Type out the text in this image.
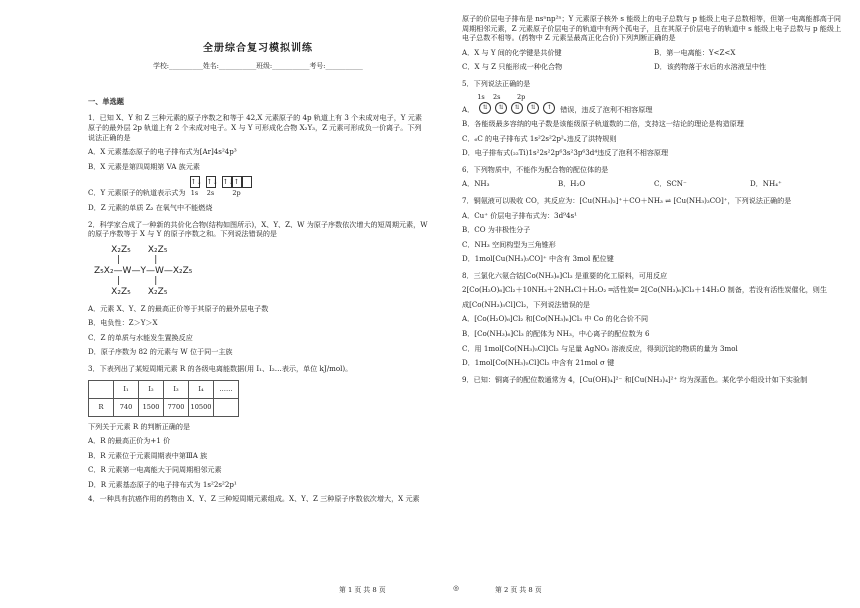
全册综合复习模拟训练
学校:__________姓名:___________班级:___________考号:___________
一、单选题

1．已知 X、Y 和 Z 三种元素的原子序数之和等于 42,X 元素原子的 4p 轨道上有 3 个未成对电子，Y 元素原子的最外层 2p 轨道上有 2 个未成对电子。X 与 Y 可形成化合物 X₂Y₃，Z 元素可形成负一价离子。下列说法正确的是

A．X 元素基态原子的电子排布式为[Ar]4s²4p³

B．X 元素是第四周期第 VA 族元素

C．Y 元素原子的轨道表示式为
↑↓
1s
↑↓
2s
↑↓ ↑

2p

D．Z 元素的单质 Z₂ 在氧气中不能燃烧

2．科学家合成了一种新的共价化合物(结构如图所示)，X、Y、Z、W 为原子序数依次增大的短周期元素，W 的原子序数等于 X 与 Y 的原子序数之和。下列说法错误的是

X₂Z₅      X₂Z₅
|            |
Z₅X₂—W—Y—W—X₂Z₅
|            |
X₂Z₅      X₂Z₅

A．元素 X、Y、Z 的最高正价等于其原子的最外层电子数

B．电负性：Z＞Y＞X

C．Z 的单质与水能发生置换反应

D．原子序数为 82 的元素与 W 位于同一主族

3．下表列出了某短周期元素 R 的各级电离能数据(用 I₁、I₂…表示，单位 kJ/mol)。

	I₁	I₂	I₃	I₄	……
R	740	1500	7700	10500	

下列关于元素 R 的判断正确的是

A．R 的最高正价为+1 价

B．R 元素位于元素周期表中第ⅢA 族

C．R 元素第一电离能大于同周期相邻元素

D．R 元素基态原子的电子排布式为 1s²2s²2p¹

4．一种具有抗癌作用的药物由 X、Y、Z 三种短周期元素组成。X、Y、Z 三种原子序数依次增大，X 元素

原子的价层电子排布是 nsⁿnp²ⁿ；Y 元素原子核外 s 能级上的电子总数与 p 能级上电子总数相等，但第一电离能都高于同周期相邻元素，Z 元素原子价层电子的轨道中有两个孤电子，且在其原子价层电子的轨道中 s 能级上电子总数与 p 能级上电子总数不相等。(药物中 Z 元素呈最高正化合价)下列判断正确的是

A．X 与 Y 间的化学键是共价键	B．第一电离能：Y<Z<X
C．X 与 Z 只能形成一种化合物	D．该药物落于水后的水溶液呈中性

5．下列说法正确的是

A．
1s    2s        2p
⇅ ⇅ ⇅ ⇅ ↑	错误，违反了泡利不相容原理

B．各能级最多容纳的电子数是该能级原子轨道数的二倍，支持这一结论的理论是构造原理

C．₆C 的电子排布式 1s²2s²2p²ₓ违反了洪特规则

D．电子排布式(₂₂Ti)1s²2s²2p⁶3s²3p⁶3d⁴违反了泡利不相容原理

6．下列物质中，不能作为配合物的配位体的是

A．NH₃	B．H₂O	C．SCN⁻	D．NH₄⁺

7．铜氨液可以吸收 CO，其反应为：[Cu(NH₃)₂]⁺＋CO＋NH₃ ⇌ [Cu(NH₃)₃CO]⁺，下列说法正确的是

A．Cu⁺ 价层电子排布式为：3d⁹4s¹

B．CO 为非极性分子

C．NH₃ 空间构型为三角锥形

D．1mol[Cu(NH₃)₃CO]⁺ 中含有 3mol 配位键

8．三氯化六氨合钴[Co(NH₃)₆]Cl₃ 是重要的化工原料，可用反应

2[Co(H₂O)₆]Cl₂＋10NH₃＋2NH₄Cl＋H₂O₂ ═活性炭═ 2[Co(NH₃)₆]Cl₃＋14H₂O 制备，若没有活性炭催化，则生

成[Co(NH₃)₅Cl]Cl₂，下列说法错误的是

A．[Co(H₂O)₆]Cl₂ 和[Co(NH₃)₆]Cl₃ 中 Co 的化合价不同

B．[Co(NH₃)₆]Cl₃ 的配体为 NH₃，中心离子的配位数为 6

C．用 1mol[Co(NH₃)₅Cl]Cl₂ 与足量 AgNO₃ 溶液反应，得到沉淀的物质的量为 3mol

D．1mol[Co(NH₃)₅Cl]Cl₂ 中含有 21mol σ 键

9．已知：铜离子的配位数通常为 4，[Cu(OH)₄]²⁻ 和[Cu(NH₃)₄]²⁺ 均为深蓝色。某化学小组设计如下实验制

第 1 页 共 8 页	◎	第 2 页 共 8 页
